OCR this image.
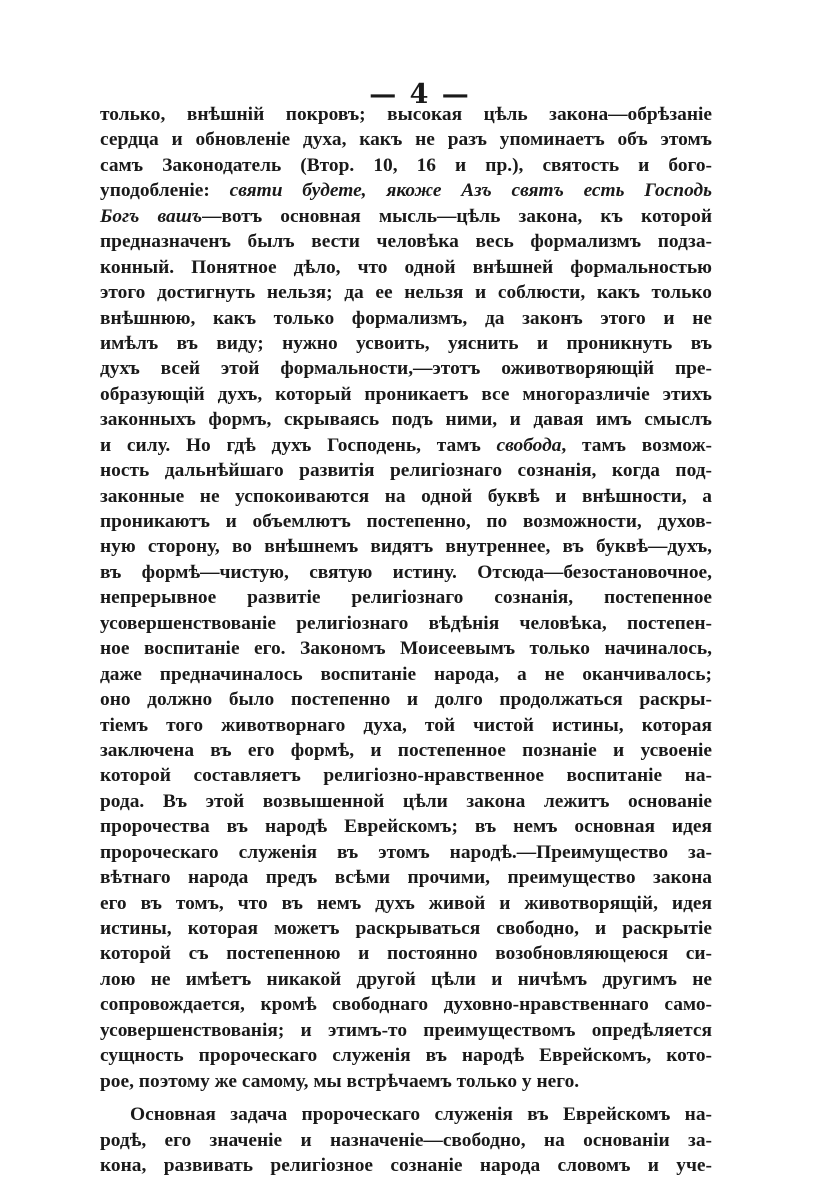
— 4 —
только, внѣшній покровъ; высокая цѣль закона—обрѣзаніе
сердца и обновленіе духа, какъ не разъ упоминаетъ объ этомъ
самъ Законодатель (Втор. 10, 16 и пр.), святость и бого-
уподобленіе: святи будете, якоже Азъ святъ есть Господь
Богъ вашъ—вотъ основная мысль—цѣль закона, къ которой
предназначенъ былъ вести человѣка весь формализмъ подза-
конный. Понятное дѣло, что одной внѣшней формальностью
этого достигнуть нельзя; да ее нельзя и соблюсти, какъ только
внѣшнюю, какъ только формализмъ, да законъ этого и не
имѣлъ въ виду; нужно усвоить, уяснить и проникнуть въ
духъ всей этой формальности,—этотъ оживотворяющій пре-
образующій духъ, который проникаетъ все многоразличіе этихъ
законныхъ формъ, скрываясь подъ ними, и давая имъ смыслъ
и силу. Но гдѣ духъ Господень, тамъ свобода, тамъ возмож-
ность дальнѣйшаго развитія религіознаго сознанія, когда под-
законные не успокоиваются на одной буквѣ и внѣшности, а
проникаютъ и объемлютъ постепенно, по возможности, духов-
ную сторону, во внѣшнемъ видятъ внутреннее, въ буквѣ—духъ,
въ формѣ—чистую, святую истину. Отсюда—безостановочное,
непрерывное развитіе религіознаго сознанія, постепенное
усовершенствованіе религіознаго вѣдѣнія человѣка, постепен-
ное воспитаніе его. Закономъ Моисеевымъ только начиналось,
даже предначиналось воспитаніе народа, а не оканчивалось;
оно должно было постепенно и долго продолжаться раскры-
тіемъ того животворнаго духа, той чистой истины, которая
заключена въ его формѣ, и постепенное познаніе и усвоеніе
которой составляетъ религіозно-нравственное воспитаніе на-
рода. Въ этой возвышенной цѣли закона лежитъ основаніе
пророчества въ народѣ Еврейскомъ; въ немъ основная идея
пророческаго служенія въ этомъ народѣ.—Преимущество за-
вѣтнаго народа предъ всѣми прочими, преимущество закона
его въ томъ, что въ немъ духъ живой и животворящій, идея
истины, которая можетъ раскрываться свободно, и раскрытіе
которой съ постепенною и постоянно возобновляющеюся си-
лою не имѣетъ никакой другой цѣли и ничѣмъ другимъ не
сопровождается, кромѣ свободнаго духовно-нравственнаго само-
усовершенствованія; и этимъ-то преимуществомъ опредѣляется
сущность пророческаго служенія въ народѣ Еврейскомъ, кото-
рое, поэтому же самому, мы встрѣчаемъ только у него.
Основная задача пророческаго служенія въ Еврейскомъ на-
родѣ, его значеніе и назначеніе—свободно, на основаніи за-
кона, развивать религіозное сознаніе народа словомъ и уче-
